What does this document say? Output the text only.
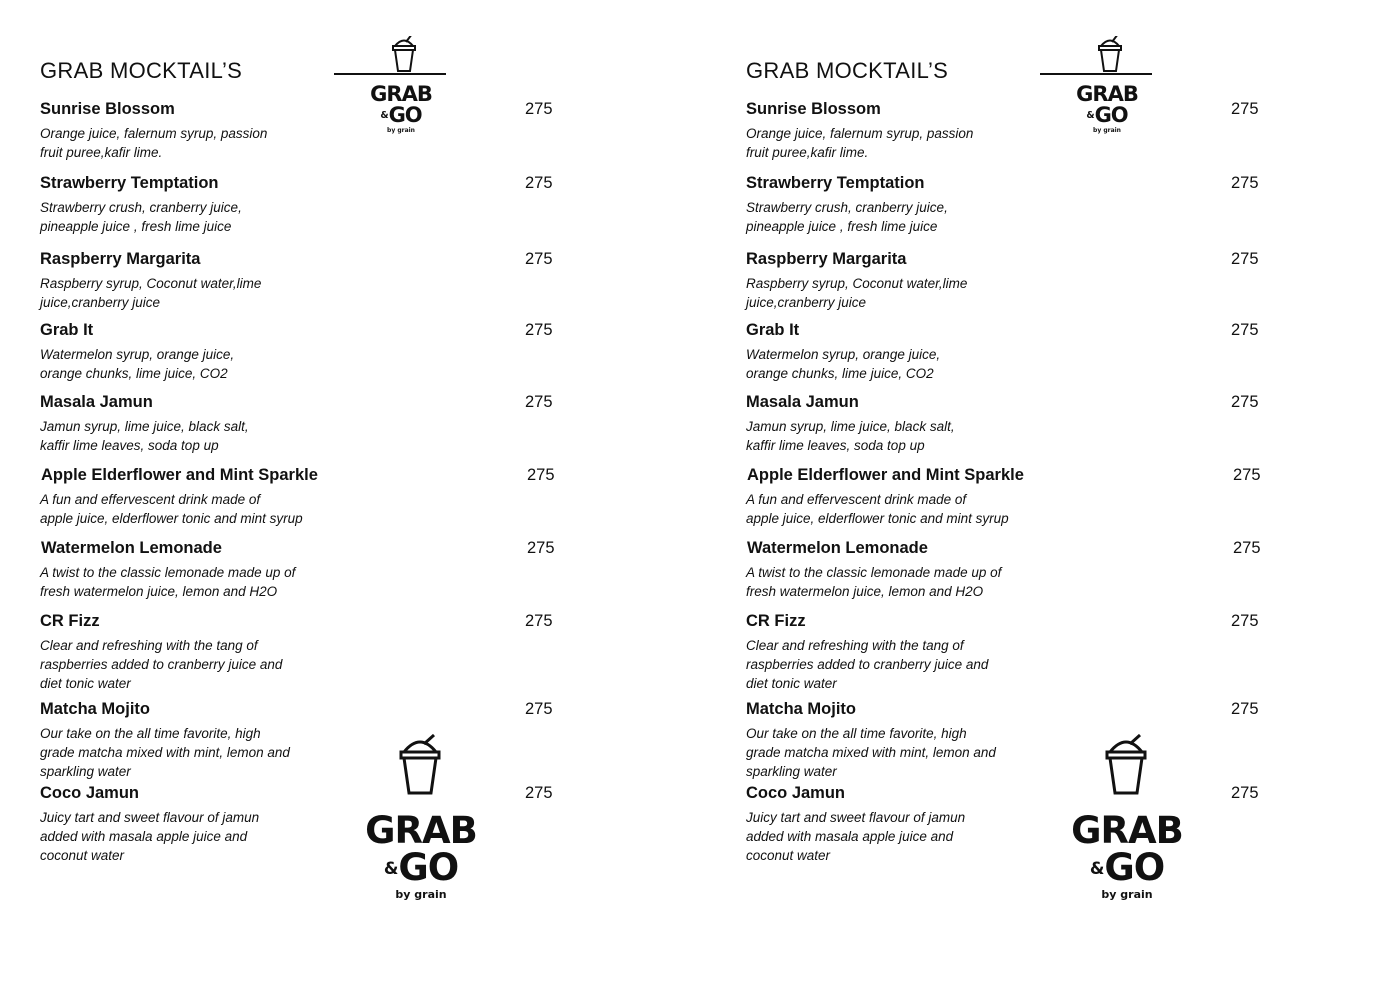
GRAB MOCKTAIL’S
GRAB
&GO
by grain
Sunrise Blossom	275
Orange juice, falernum syrup, passion
fruit puree,kafir lime.
Strawberry Temptation	275
Strawberry crush, cranberry juice,
pineapple juice , fresh lime juice
Raspberry Margarita	275
Raspberry syrup, Coconut water,lime
juice,cranberry juice
Grab It	275
Watermelon syrup, orange juice,
orange chunks, lime juice, CO2
Masala Jamun	275
Jamun syrup, lime juice, black salt,
kaffir lime leaves, soda top up
Apple Elderflower and Mint Sparkle	275
A fun and effervescent drink made of
apple juice, elderflower tonic and mint syrup
Watermelon Lemonade	275
A twist to the classic lemonade made up of
fresh watermelon juice, lemon and H2O
CR Fizz	275
Clear and refreshing with the tang of
raspberries added to cranberry juice and
diet tonic water
Matcha Mojito	275
Our take on the all time favorite, high
grade matcha mixed with mint, lemon and
sparkling water
Coco Jamun	275
Juicy tart and sweet flavour of jamun
added with masala apple juice and
coconut water
GRAB
&GO
by grain
GRAB MOCKTAIL’S
GRAB
&GO
by grain
Sunrise Blossom	275
Orange juice, falernum syrup, passion
fruit puree,kafir lime.
Strawberry Temptation	275
Strawberry crush, cranberry juice,
pineapple juice , fresh lime juice
Raspberry Margarita	275
Raspberry syrup, Coconut water,lime
juice,cranberry juice
Grab It	275
Watermelon syrup, orange juice,
orange chunks, lime juice, CO2
Masala Jamun	275
Jamun syrup, lime juice, black salt,
kaffir lime leaves, soda top up
Apple Elderflower and Mint Sparkle	275
A fun and effervescent drink made of
apple juice, elderflower tonic and mint syrup
Watermelon Lemonade	275
A twist to the classic lemonade made up of
fresh watermelon juice, lemon and H2O
CR Fizz	275
Clear and refreshing with the tang of
raspberries added to cranberry juice and
diet tonic water
Matcha Mojito	275
Our take on the all time favorite, high
grade matcha mixed with mint, lemon and
sparkling water
Coco Jamun	275
Juicy tart and sweet flavour of jamun
added with masala apple juice and
coconut water
GRAB
&GO
by grain
